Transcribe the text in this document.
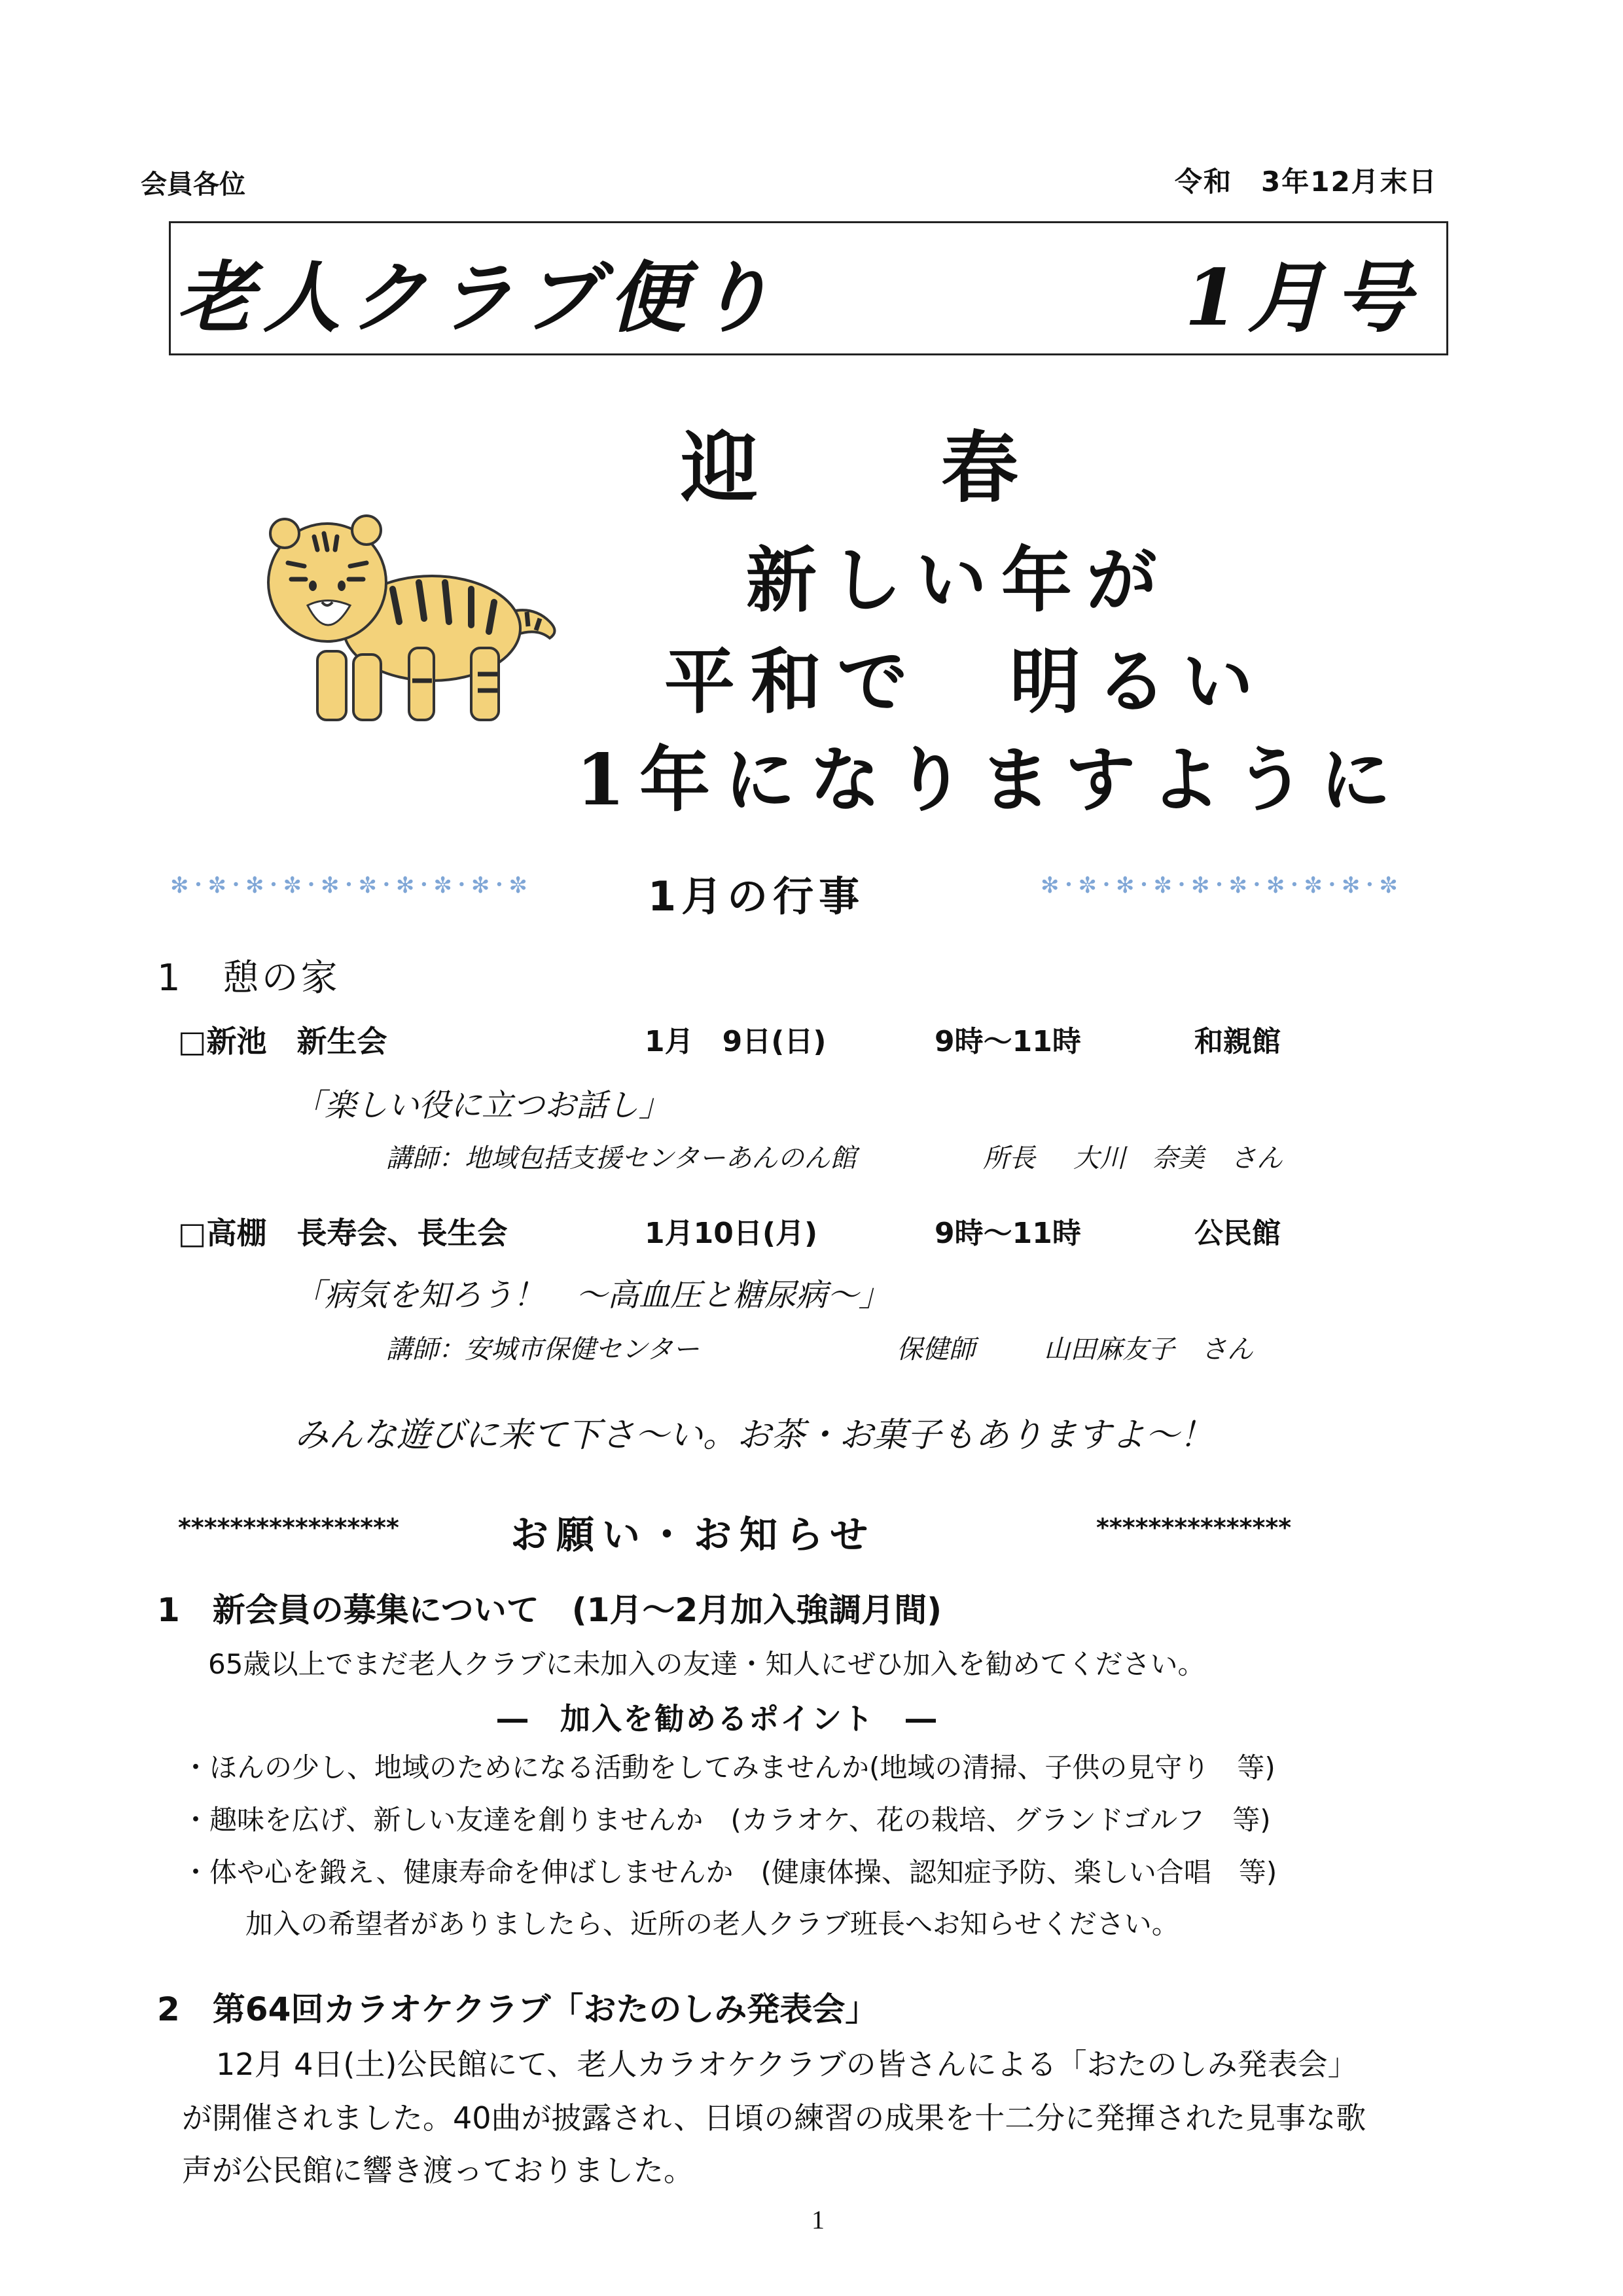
会員各位	令和　3年12月末日
老人クラブ便り	1月号
迎春
新しい年が
平和で　明るい
1年になりますように
✻･✼･✻･✼･✻･✼･✻･✼･✻･✼	1月の行事	✻･✼･✻･✼･✻･✼･✻･✼･✻･✼
1　憩の家
□新池　新生会	1月　9日(日)	9時～11時	和親館
「楽しい役に立つお話し」
講師：地域包括支援センターあんのん館	所長 大川　奈美　さん
□高棚　長寿会、長生会	1月10日(月)	9時～11時	公民館
「病気を知ろう！　～高血圧と糖尿病～」
講師：安城市保健センター	保健師	山田麻友子　さん
みんな遊びに来て下さ～い。お茶・お菓子もありますよ～！
*****************	お願い・お知らせ	***************
1　新会員の募集について　(1月～2月加入強調月間)
65歳以上でまだ老人クラブに未加入の友達・知人にぜひ加入を勧めてください。
―　加入を勧めるポイント　―
・ほんの少し、地域のためになる活動をしてみませんか(地域の清掃、子供の見守り　等)
・趣味を広げ、新しい友達を創りませんか　(カラオケ、花の栽培、グランドゴルフ　等)
・体や心を鍛え、健康寿命を伸ばしませんか　(健康体操、認知症予防、楽しい合唱　等)
加入の希望者がありましたら、近所の老人クラブ班長へお知らせください。
2　第64回カラオケクラブ「おたのしみ発表会」
12月 4日(土)公民館にて、老人カラオケクラブの皆さんによる「おたのしみ発表会」
が開催されました。40曲が披露され、日頃の練習の成果を十二分に発揮された見事な歌
声が公民館に響き渡っておりました。
1
